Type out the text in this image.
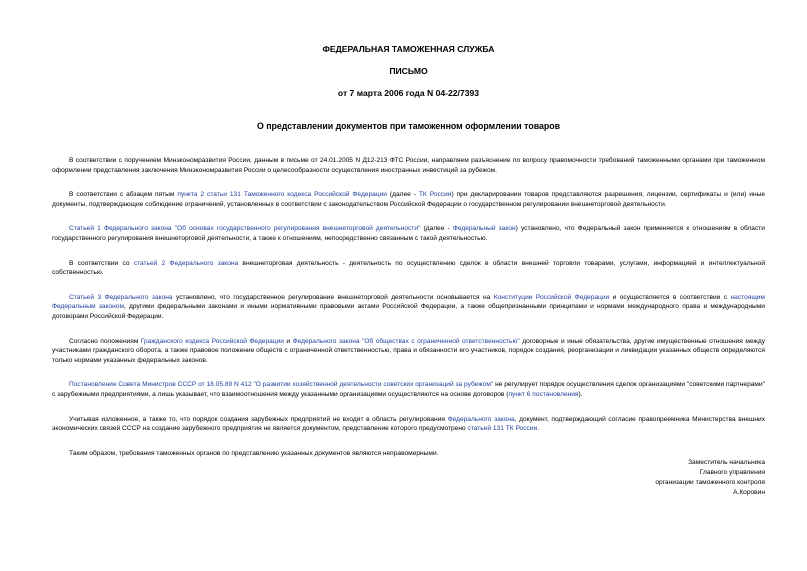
ФЕДЕРАЛЬНАЯ ТАМОЖЕННАЯ СЛУЖБА

ПИСЬМО

от 7 марта 2006 года N 04-22/7393

О представлении документов при таможенном оформлении товаров

В соответствии с поручением Минэкономразвития России, данным в письме от 24.01.2005 N Д12-213 ФТС России, направляем разъяснение по вопросу правомочности требований таможенными органами при таможенном оформлении представления заключения Минэкономразвития России о целесообразности осуществления иностранных инвестиций за рубежом.

В соответствии с абзацем пятым пункта 2 статьи 131 Таможенного кодекса Российской Федерации (далее - ТК России) при декларировании товаров представляются разрешения, лицензии, сертификаты и (или) иные документы, подтверждающие соблюдение ограничений, установленных в соответствии с законодательством Российской Федерации о государственном регулировании внешнеторговой деятельности.

Статьей 1 Федерального закона "Об основах государственного регулирования внешнеторговой деятельности" (далее - Федеральный закон) установлено, что Федеральный закон применяется к отношениям в области государственного регулирования внешнеторговой деятельности, а также к отношениям, непосредственно связанным с такой деятельностью.

В соответствии со статьей 2 Федерального закона внешнеторговая деятельность - деятельность по осуществлению сделок в области внешней торговли товарами, услугами, информацией и интеллектуальной собственностью.

Статьей 3 Федерального закона установлено, что государственное регулирование внешнеторговой деятельности основывается на Конституции Российской Федерации и осуществляется в соответствии с настоящим Федеральным законом, другими федеральными законами и иными нормативными правовыми актами Российской Федерации, а также общепризнанными принципами и нормами международного права и международными договорами Российской Федерации.

Согласно положениям Гражданского кодекса Российской Федерации и Федерального закона "Об обществах с ограниченной ответственностью" договорные и иные обязательства, другие имущественные отношения между участниками гражданского оборота, а также правовое положение обществ с ограниченной ответственностью, права и обязанности его участников, порядок создания, реорганизации и ликвидации указанных обществ определяются только нормами указанных федеральных законов.

Постановление Совета Министров СССР от 18.05.89 N 412 "О развитии хозяйственной деятельности советских организаций за рубежом" не регулирует порядок осуществления сделок организациями "советскими партнерами" с зарубежными предприятиями, а лишь указывает, что взаимоотношения между указанными организациями осуществляются на основе договоров (пункт 6 постановления).

Учитывая изложенное, а также то, что порядок создания зарубежных предприятий не входит в область регулирования Федерального закона, документ, подтверждающий согласие правопреемника Министерства внешних экономических связей СССР на создание зарубежного предприятия не является документом, представление которого предусмотрено статьей 131 ТК России.

Таким образом, требования таможенных органов по представлению указанных документов являются неправомерными.

Заместитель начальника
Главного управления
организации таможенного контроля
А.Коровин
